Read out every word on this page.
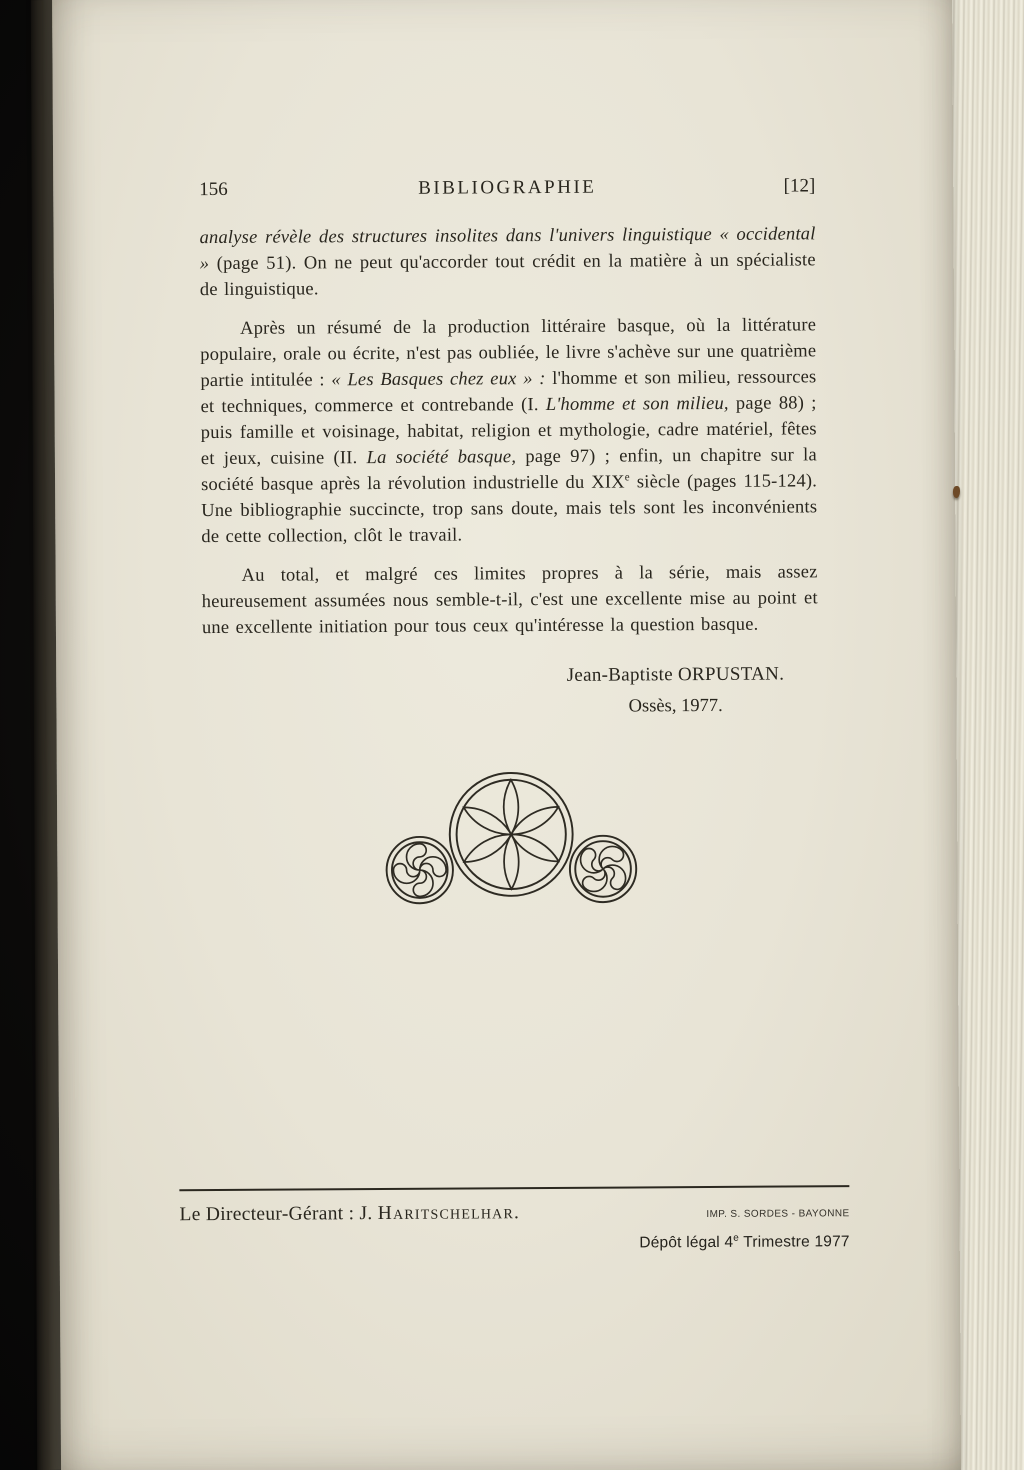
156	BIBLIOGRAPHIE	[12]

analyse révèle des structures insolites dans l'univers linguistique « occidental » (page 51). On ne peut qu'accorder tout crédit en la matière à un spécialiste de linguistique.

Après un résumé de la production littéraire basque, où la littérature populaire, orale ou écrite, n'est pas oubliée, le livre s'achève sur une quatrième partie intitulée : « Les Basques chez eux » : l'homme et son milieu, ressources et techniques, commerce et contrebande (I. L'homme et son milieu, page 88) ; puis famille et voisinage, habitat, religion et mythologie, cadre matériel, fêtes et jeux, cuisine (II. La société basque, page 97) ; enfin, un chapitre sur la société basque après la révolution industrielle du XIXe siècle (pages 115-124). Une bibliographie succincte, trop sans doute, mais tels sont les inconvénients de cette collection, clôt le travail.

Au total, et malgré ces limites propres à la série, mais assez heureusement assumées nous semble-t-il, c'est une excellente mise au point et une excellente initiation pour tous ceux qu'intéresse la question basque.

Jean-Baptiste ORPUSTAN.
Ossès, 1977.
Le Directeur-Gérant : J. Haritschelhar.	IMP. S. SORDES - BAYONNE
Dépôt légal 4e Trimestre 1977
